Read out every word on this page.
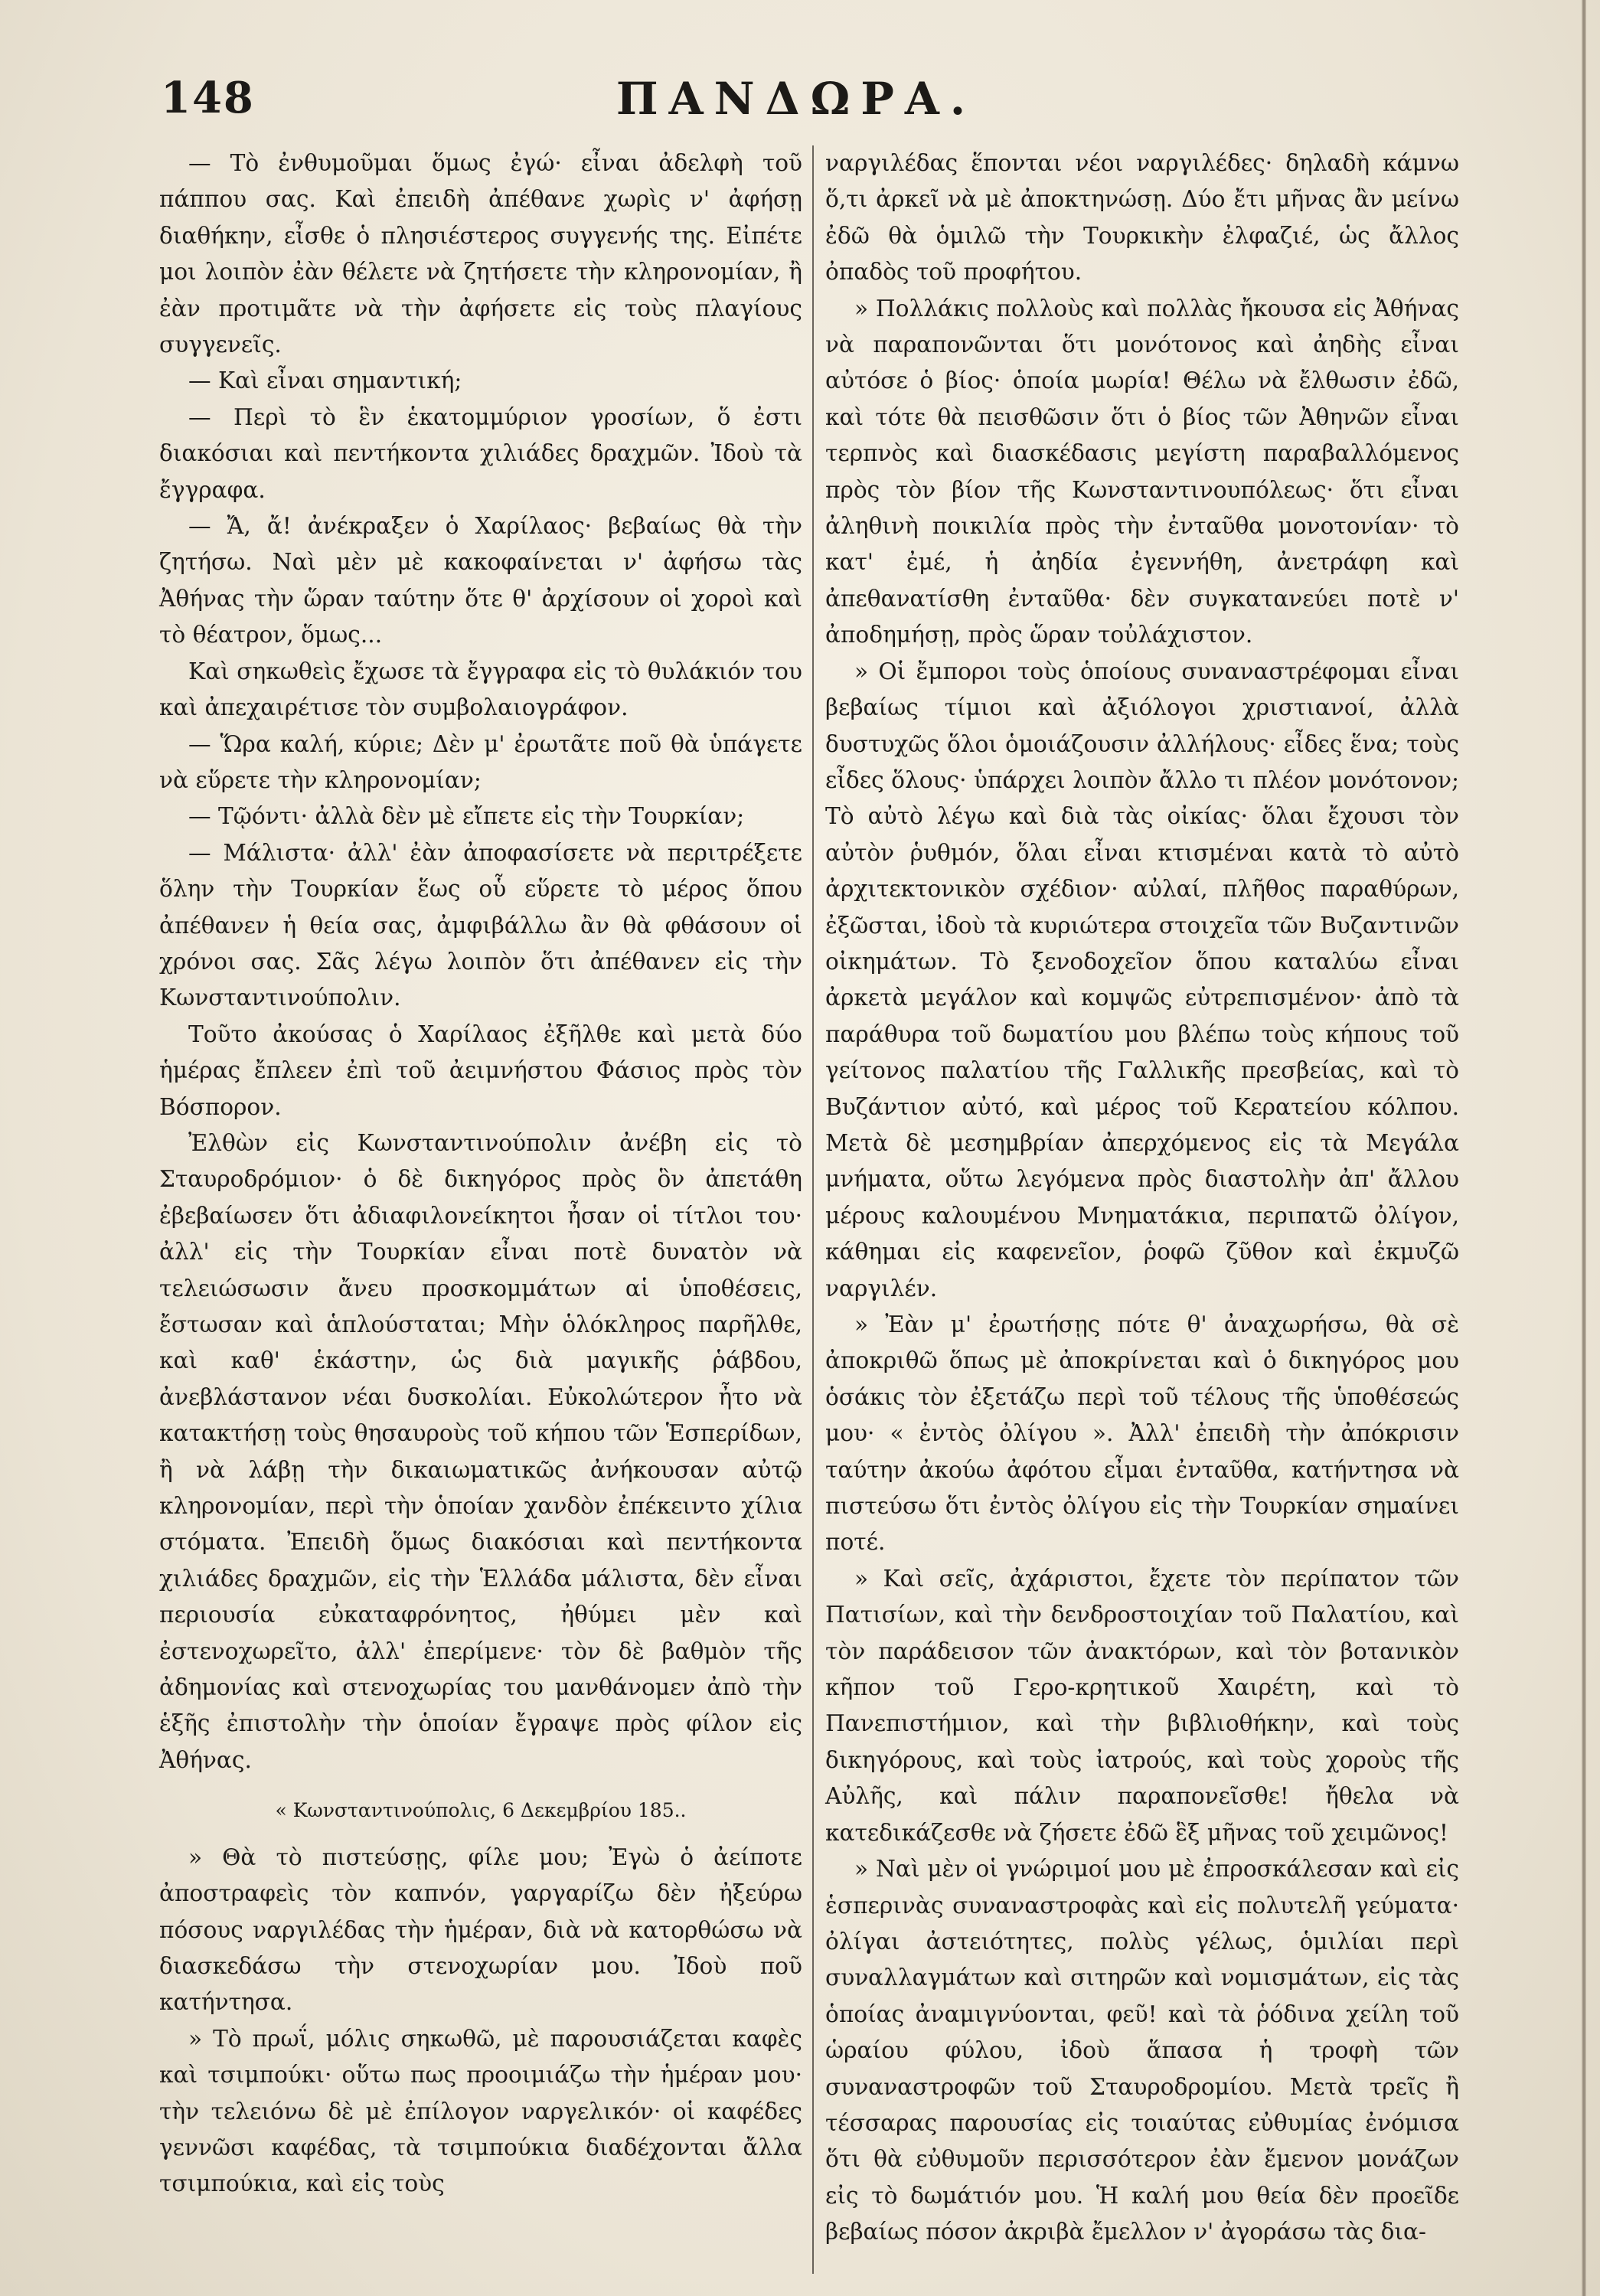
148	ΠΑΝΔΩΡΑ.

— Τὸ ἐνθυμοῦμαι ὅμως ἐγώ· εἶναι ἀδελφὴ τοῦ πάππου σας. Καὶ ἐπειδὴ ἀπέθανε χωρὶς ν' ἀφήσῃ διαθήκην, εἶσθε ὁ πλησιέστερος συγγενής της. Εἰπέτε μοι λοιπὸν ἐὰν θέλετε νὰ ζητήσετε τὴν κληρονομίαν, ἢ ἐὰν προτιμᾶτε νὰ τὴν ἀφήσετε εἰς τοὺς πλαγίους συγγενεῖς.

— Καὶ εἶναι σημαντική;

— Περὶ τὸ ἓν ἑκατομμύριον γροσίων, ὅ ἐστι διακόσιαι καὶ πεντήκοντα χιλιάδες δραχμῶν. Ἰδοὺ τὰ ἔγγραφα.

— Ἄ, ἄ! ἀνέκραξεν ὁ Χαρίλαος· βεβαίως θὰ τὴν ζητήσω. Ναὶ μὲν μὲ κακοφαίνεται ν' ἀφήσω τὰς Ἀθήνας τὴν ὥραν ταύτην ὅτε θ' ἀρχίσουν οἱ χοροὶ καὶ τὸ θέατρον, ὅμως...

Καὶ σηκωθεὶς ἔχωσε τὰ ἔγγραφα εἰς τὸ θυλάκιόν του καὶ ἀπεχαιρέτισε τὸν συμβολαιογράφον.

— Ὥρα καλή, κύριε; Δὲν μ' ἐρωτᾶτε ποῦ θὰ ὑπάγετε νὰ εὕρετε τὴν κληρονομίαν;

— Τῷόντι· ἀλλὰ δὲν μὲ εἴπετε εἰς τὴν Τουρκίαν;

— Μάλιστα· ἀλλ' ἐὰν ἀποφασίσετε νὰ περιτρέξετε ὅλην τὴν Τουρκίαν ἕως οὗ εὕρετε τὸ μέρος ὅπου ἀπέθανεν ἡ θεία σας, ἀμφιβάλλω ἂν θὰ φθάσουν οἱ χρόνοι σας. Σᾶς λέγω λοιπὸν ὅτι ἀπέθανεν εἰς τὴν Κωνσταντινούπολιν.

Τοῦτο ἀκούσας ὁ Χαρίλαος ἐξῆλθε καὶ μετὰ δύο ἡμέρας ἔπλεεν ἐπὶ τοῦ ἀειμνήστου Φάσιος πρὸς τὸν Βόσπορον.

Ἐλθὼν εἰς Κωνσταντινούπολιν ἀνέβη εἰς τὸ Σταυροδρόμιον· ὁ δὲ δικηγόρος πρὸς ὃν ἀπετάθη ἐβεβαίωσεν ὅτι ἀδιαφιλονείκητοι ἦσαν οἱ τίτλοι του· ἀλλ' εἰς τὴν Τουρκίαν εἶναι ποτὲ δυνατὸν νὰ τελειώσωσιν ἄνευ προσκομμάτων αἱ ὑποθέσεις, ἔστωσαν καὶ ἁπλούσταται; Μὴν ὁλόκληρος παρῆλθε, καὶ καθ' ἑκάστην, ὡς διὰ μαγικῆς ῥάβδου, ἀνεβλάστανον νέαι δυσκολίαι. Εὐκολώτερον ἦτο νὰ κατακτήσῃ τοὺς θησαυροὺς τοῦ κήπου τῶν Ἑσπερίδων, ἢ νὰ λάβῃ τὴν δικαιωματικῶς ἀνήκουσαν αὐτῷ κληρονομίαν, περὶ τὴν ὁποίαν χανδὸν ἐπέκειντο χίλια στόματα. Ἐπειδὴ ὅμως διακόσιαι καὶ πεντήκοντα χιλιάδες δραχμῶν, εἰς τὴν Ἑλλάδα μάλιστα, δὲν εἶναι περιουσία εὐκαταφρόνητος, ἠθύμει μὲν καὶ ἐστενοχωρεῖτο, ἀλλ' ἐπερίμενε· τὸν δὲ βαθμὸν τῆς ἀδημονίας καὶ στενοχωρίας του μανθάνομεν ἀπὸ τὴν ἑξῆς ἐπιστολὴν τὴν ὁποίαν ἔγραψε πρὸς φίλον εἰς Ἀθήνας.

« Κωνσταντινούπολις, 6 Δεκεμβρίου 185..

» Θὰ τὸ πιστεύσῃς, φίλε μου; Ἐγὼ ὁ ἀείποτε ἀποστραφεὶς τὸν καπνόν, γαργαρίζω δὲν ἠξεύρω πόσους ναργιλέδας τὴν ἡμέραν, διὰ νὰ κατορθώσω νὰ διασκεδάσω τὴν στενοχωρίαν μου. Ἰδοὺ ποῦ κατήντησα.

» Τὸ πρωΐ, μόλις σηκωθῶ, μὲ παρουσιάζεται καφὲς καὶ τσιμπούκι· οὕτω πως προοιμιάζω τὴν ἡμέραν μου· τὴν τελειόνω δὲ μὲ ἐπίλογον ναργελικόν· οἱ καφέδες γεννῶσι καφέδας, τὰ τσιμπούκια διαδέχονται ἄλλα τσιμπούκια, καὶ εἰς τοὺς

ναργιλέδας ἕπονται νέοι ναργιλέδες· δηλαδὴ κάμνω ὅ,τι ἀρκεῖ νὰ μὲ ἀποκτηνώσῃ. Δύο ἔτι μῆνας ἂν μείνω ἐδῶ θὰ ὁμιλῶ τὴν Τουρκικὴν ἐλφαζιέ, ὡς ἄλλος ὀπαδὸς τοῦ προφήτου.

» Πολλάκις πολλοὺς καὶ πολλὰς ἤκουσα εἰς Ἀθήνας νὰ παραπονῶνται ὅτι μονότονος καὶ ἀηδὴς εἶναι αὐτόσε ὁ βίος· ὁποία μωρία! Θέλω νὰ ἔλθωσιν ἐδῶ, καὶ τότε θὰ πεισθῶσιν ὅτι ὁ βίος τῶν Ἀθηνῶν εἶναι τερπνὸς καὶ διασκέδασις μεγίστη παραβαλλόμενος πρὸς τὸν βίον τῆς Κωνσταντινουπόλεως· ὅτι εἶναι ἀληθινὴ ποικιλία πρὸς τὴν ἐνταῦθα μονοτονίαν· τὸ κατ' ἐμέ, ἡ ἀηδία ἐγεννήθη, ἀνετράφη καὶ ἀπεθανατίσθη ἐνταῦθα· δὲν συγκατανεύει ποτὲ ν' ἀποδημήσῃ, πρὸς ὥραν τοὐλάχιστον.

» Οἱ ἔμποροι τοὺς ὁποίους συναναστρέφομαι εἶναι βεβαίως τίμιοι καὶ ἀξιόλογοι χριστιανοί, ἀλλὰ δυστυχῶς ὅλοι ὁμοιάζουσιν ἀλλήλους· εἶδες ἕνα; τοὺς εἶδες ὅλους· ὑπάρχει λοιπὸν ἄλλο τι πλέον μονότονον; Τὸ αὐτὸ λέγω καὶ διὰ τὰς οἰκίας· ὅλαι ἔχουσι τὸν αὐτὸν ῥυθμόν, ὅλαι εἶναι κτισμέναι κατὰ τὸ αὐτὸ ἀρχιτεκτονικὸν σχέδιον· αὐλαί, πλῆθος παραθύρων, ἐξῶσται, ἰδοὺ τὰ κυριώτερα στοιχεῖα τῶν Βυζαντινῶν οἰκημάτων. Τὸ ξενοδοχεῖον ὅπου καταλύω εἶναι ἀρκετὰ μεγάλον καὶ κομψῶς εὐτρεπισμένον· ἀπὸ τὰ παράθυρα τοῦ δωματίου μου βλέπω τοὺς κήπους τοῦ γείτονος παλατίου τῆς Γαλλικῆς πρεσβείας, καὶ τὸ Βυζάντιον αὐτό, καὶ μέρος τοῦ Κερατείου κόλπου. Μετὰ δὲ μεσημβρίαν ἀπερχόμενος εἰς τὰ Μεγάλα μνήματα, οὕτω λεγόμενα πρὸς διαστολὴν ἀπ' ἄλλου μέρους καλουμένου Μνηματάκια, περιπατῶ ὀλίγον, κάθημαι εἰς καφενεῖον, ῥοφῶ ζῦθον καὶ ἐκμυζῶ ναργιλέν.

» Ἐὰν μ' ἐρωτήσῃς πότε θ' ἀναχωρήσω, θὰ σὲ ἀποκριθῶ ὅπως μὲ ἀποκρίνεται καὶ ὁ δικηγόρος μου ὁσάκις τὸν ἐξετάζω περὶ τοῦ τέλους τῆς ὑποθέσεώς μου· « ἐντὸς ὀλίγου ». Ἀλλ' ἐπειδὴ τὴν ἀπόκρισιν ταύτην ἀκούω ἀφότου εἶμαι ἐνταῦθα, κατήντησα νὰ πιστεύσω ὅτι ἐντὸς ὀλίγου εἰς τὴν Τουρκίαν σημαίνει ποτέ.

» Καὶ σεῖς, ἀχάριστοι, ἔχετε τὸν περίπατον τῶν Πατισίων, καὶ τὴν δενδροστοιχίαν τοῦ Παλατίου, καὶ τὸν παράδεισον τῶν ἀνακτόρων, καὶ τὸν βοτανικὸν κῆπον τοῦ Γερο-κρητικοῦ Χαιρέτη, καὶ τὸ Πανεπιστήμιον, καὶ τὴν βιβλιοθήκην, καὶ τοὺς δικηγόρους, καὶ τοὺς ἰατρούς, καὶ τοὺς χοροὺς τῆς Αὐλῆς, καὶ πάλιν παραπονεῖσθε! ἤθελα νὰ κατεδικάζεσθε νὰ ζήσετε ἐδῶ ἓξ μῆνας τοῦ χειμῶνος!

» Ναὶ μὲν οἱ γνώριμοί μου μὲ ἐπροσκάλεσαν καὶ εἰς ἑσπερινὰς συναναστροφὰς καὶ εἰς πολυτελῆ γεύματα· ὀλίγαι ἀστειότητες, πολὺς γέλως, ὁμιλίαι περὶ συναλλαγμάτων καὶ σιτηρῶν καὶ νομισμάτων, εἰς τὰς ὁποίας ἀναμιγνύονται, φεῦ! καὶ τὰ ῥόδινα χείλη τοῦ ὡραίου φύλου, ἰδοὺ ἅπασα ἡ τροφὴ τῶν συναναστροφῶν τοῦ Σταυροδρομίου. Μετὰ τρεῖς ἢ τέσσαρας παρουσίας εἰς τοιαύτας εὐθυμίας ἐνόμισα ὅτι θὰ εὐθυμοῦν περισσότερον ἐὰν ἔμενον μονάζων εἰς τὸ δωμάτιόν μου. Ἡ καλή μου θεία δὲν προεῖδε βεβαίως πόσον ἀκριβὰ ἔμελλον ν' ἀγοράσω τὰς δια-
